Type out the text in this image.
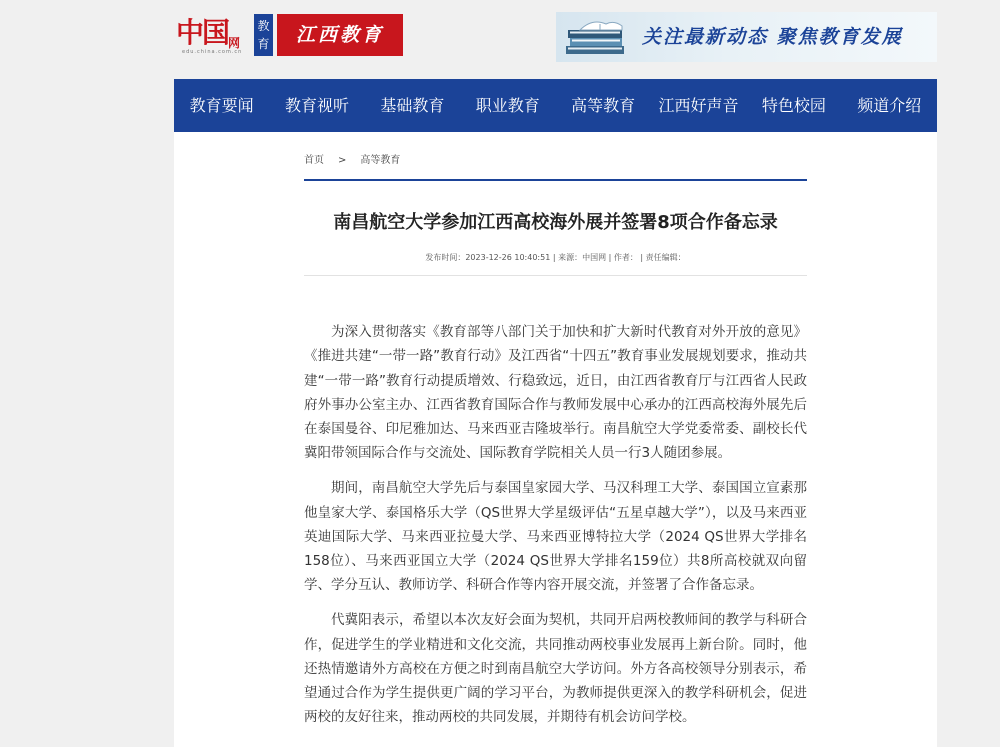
中国 网
edu.china.com.cn
教育	江西教育	关注最新动态 聚焦教育发展
教育要闻	教育视听	基础教育	职业教育	高等教育	江西好声音	特色校园	频道介绍
首页 > 高等教育
南昌航空大学参加江西高校海外展并签署8项合作备忘录
发布时间：2023-12-26 10:40:51 | 来源：中国网 | 作者： | 责任编辑：

为深入贯彻落实《教育部等八部门关于加快和扩大新时代教育对外开放的意见》《推进共建“一带一路”教育行动》及江西省“十四五”教育事业发展规划要求，推动共建“一带一路”教育行动提质增效、行稳致远，近日，由江西省教育厅与江西省人民政府外事办公室主办、江西省教育国际合作与教师发展中心承办的江西高校海外展先后在泰国曼谷、印尼雅加达、马来西亚吉隆坡举行。南昌航空大学党委常委、副校长代冀阳带领国际合作与交流处、国际教育学院相关人员一行3人随团参展。

期间，南昌航空大学先后与泰国皇家园大学、马汉科理工大学、泰国国立宣素那他皇家大学、泰国格乐大学（QS世界大学星级评估“五星卓越大学”），以及马来西亚英迪国际大学、马来西亚拉曼大学、马来西亚博特拉大学（2024 QS世界大学排名158位）、马来西亚国立大学（2024 QS世界大学排名159位）共8所高校就双向留学、学分互认、教师访学、科研合作等内容开展交流，并签署了合作备忘录。

代冀阳表示，希望以本次友好会面为契机，共同开启两校教师间的教学与科研合作，促进学生的学业精进和文化交流，共同推动两校事业发展再上新台阶。同时，他还热情邀请外方高校在方便之时到南昌航空大学访问。外方各高校领导分别表示，希望通过合作为学生提供更广阔的学习平台，为教师提供更深入的教学科研机会，促进两校的友好往来，推动两校的共同发展，并期待有机会访问学校。
